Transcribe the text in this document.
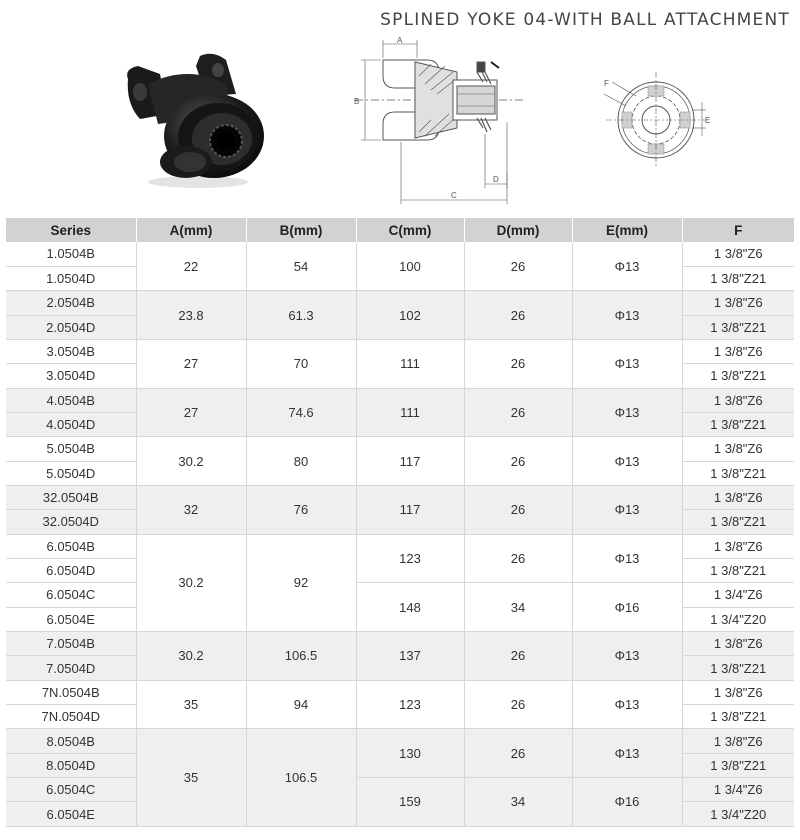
SPLINED YOKE 04-WITH BALL ATTACHMENT
A
B
C
D
F
E
Series	A(mm)	B(mm)	C(mm)	D(mm)	E(mm)	F
1.0504B	22	54	100	26	Φ13	1 3/8"Z6
1.0504D						1 3/8"Z21
2.0504B	23.8	61.3	102	26	Φ13	1 3/8"Z6
2.0504D						1 3/8"Z21
3.0504B	27	70	111	26	Φ13	1 3/8"Z6
3.0504D						1 3/8"Z21
4.0504B	27	74.6	111	26	Φ13	1 3/8"Z6
4.0504D						1 3/8"Z21
5.0504B	30.2	80	117	26	Φ13	1 3/8"Z6
5.0504D						1 3/8"Z21
32.0504B	32	76	117	26	Φ13	1 3/8"Z6
32.0504D						1 3/8"Z21
6.0504B	30.2	92	123	26	Φ13	1 3/8"Z6
6.0504D						1 3/8"Z21
6.0504C			148	34	Φ16	1 3/4"Z6
6.0504E						1 3/4"Z20
7.0504B	30.2	106.5	137	26	Φ13	1 3/8"Z6
7.0504D						1 3/8"Z21
7N.0504B	35	94	123	26	Φ13	1 3/8"Z6
7N.0504D						1 3/8"Z21
8.0504B	35	106.5	130	26	Φ13	1 3/8"Z6
8.0504D						1 3/8"Z21
6.0504C			159	34	Φ16	1 3/4"Z6
6.0504E						1 3/4"Z20
